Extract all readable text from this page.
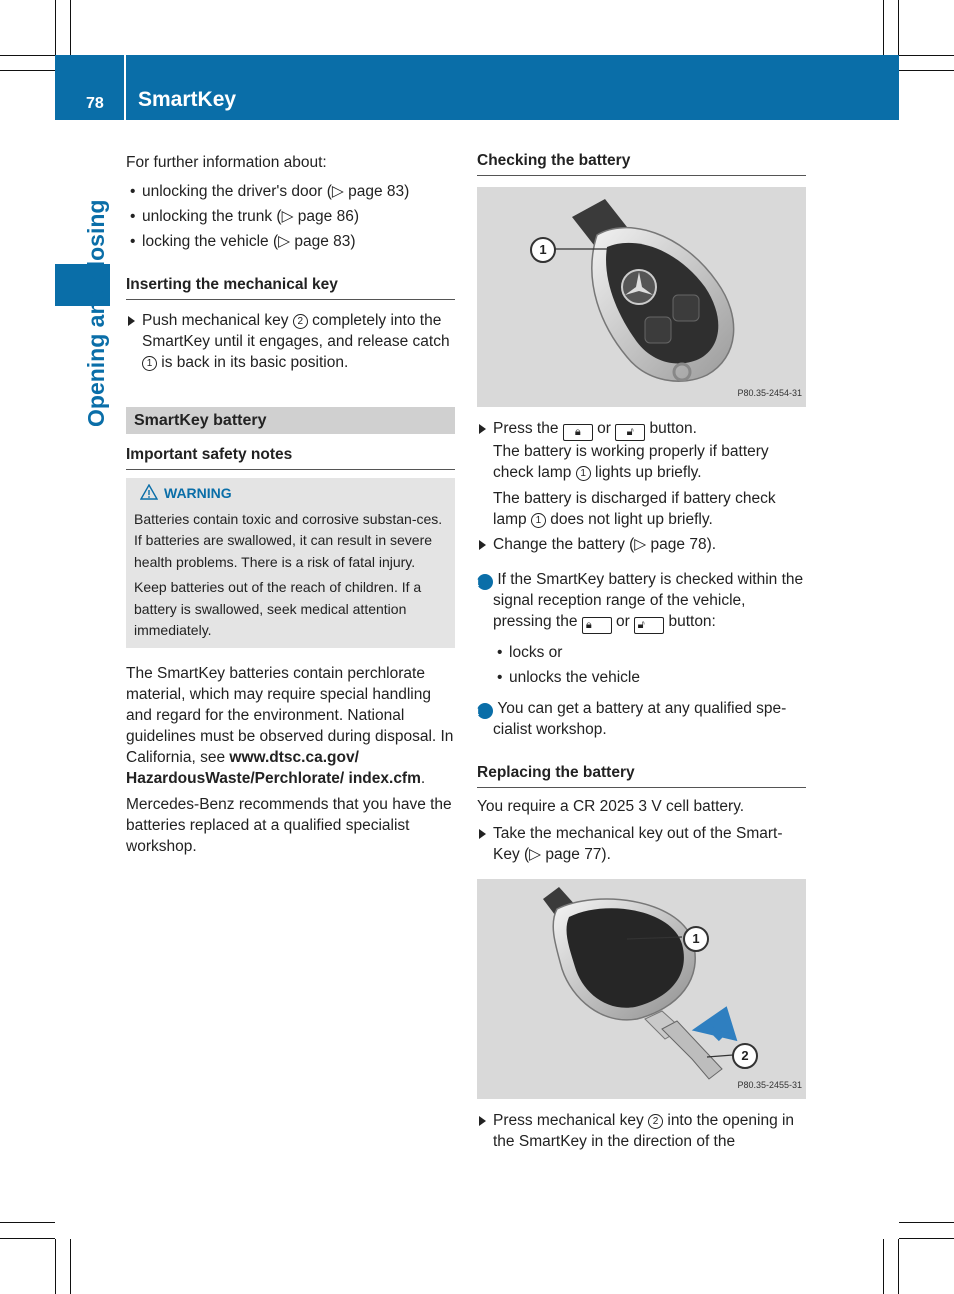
78 SmartKey
Opening and closing

For further information about:

• unlocking the driver's door (▷ page 83)

• unlocking the trunk (▷ page 86)

• locking the vehicle (▷ page 83)

Inserting the mechanical key

Push mechanical key 2 completely into the SmartKey until it engages, and release catch 1 is back in its basic position.

SmartKey battery

Important safety notes

WARNING

Batteries contain toxic and corrosive substan-ces. If batteries are swallowed, it can result in severe health problems. There is a risk of fatal injury.

Keep batteries out of the reach of children. If a battery is swallowed, seek medical attention immediately.

The SmartKey batteries contain perchlorate material, which may require special handling and regard for the environment. National guidelines must be observed during disposal. In California, see www.dtsc.ca.gov/ HazardousWaste/Perchlorate/ index.cfm.

Mercedes-Benz recommends that you have the batteries replaced at a qualified specialist workshop.

Checking the battery

1
P80.35-2454-31

Press the 🔒︎ or 🔓︎ button.
The battery is working properly if battery check lamp 1 lights up briefly.

The battery is discharged if battery check lamp 1 does not light up briefly.

Change the battery (▷ page 78).

i If the SmartKey battery is checked within the signal reception range of the vehicle, pressing the 🔒︎ or 🔓︎ button:

• locks or

• unlocks the vehicle

i You can get a battery at any qualified spe-cialist workshop.

Replacing the battery

You require a CR 2025 3 V cell battery.

Take the mechanical key out of the Smart-Key (▷ page 77).

1
2
P80.35-2455-31

Press mechanical key 2 into the opening in the SmartKey in the direction of the
